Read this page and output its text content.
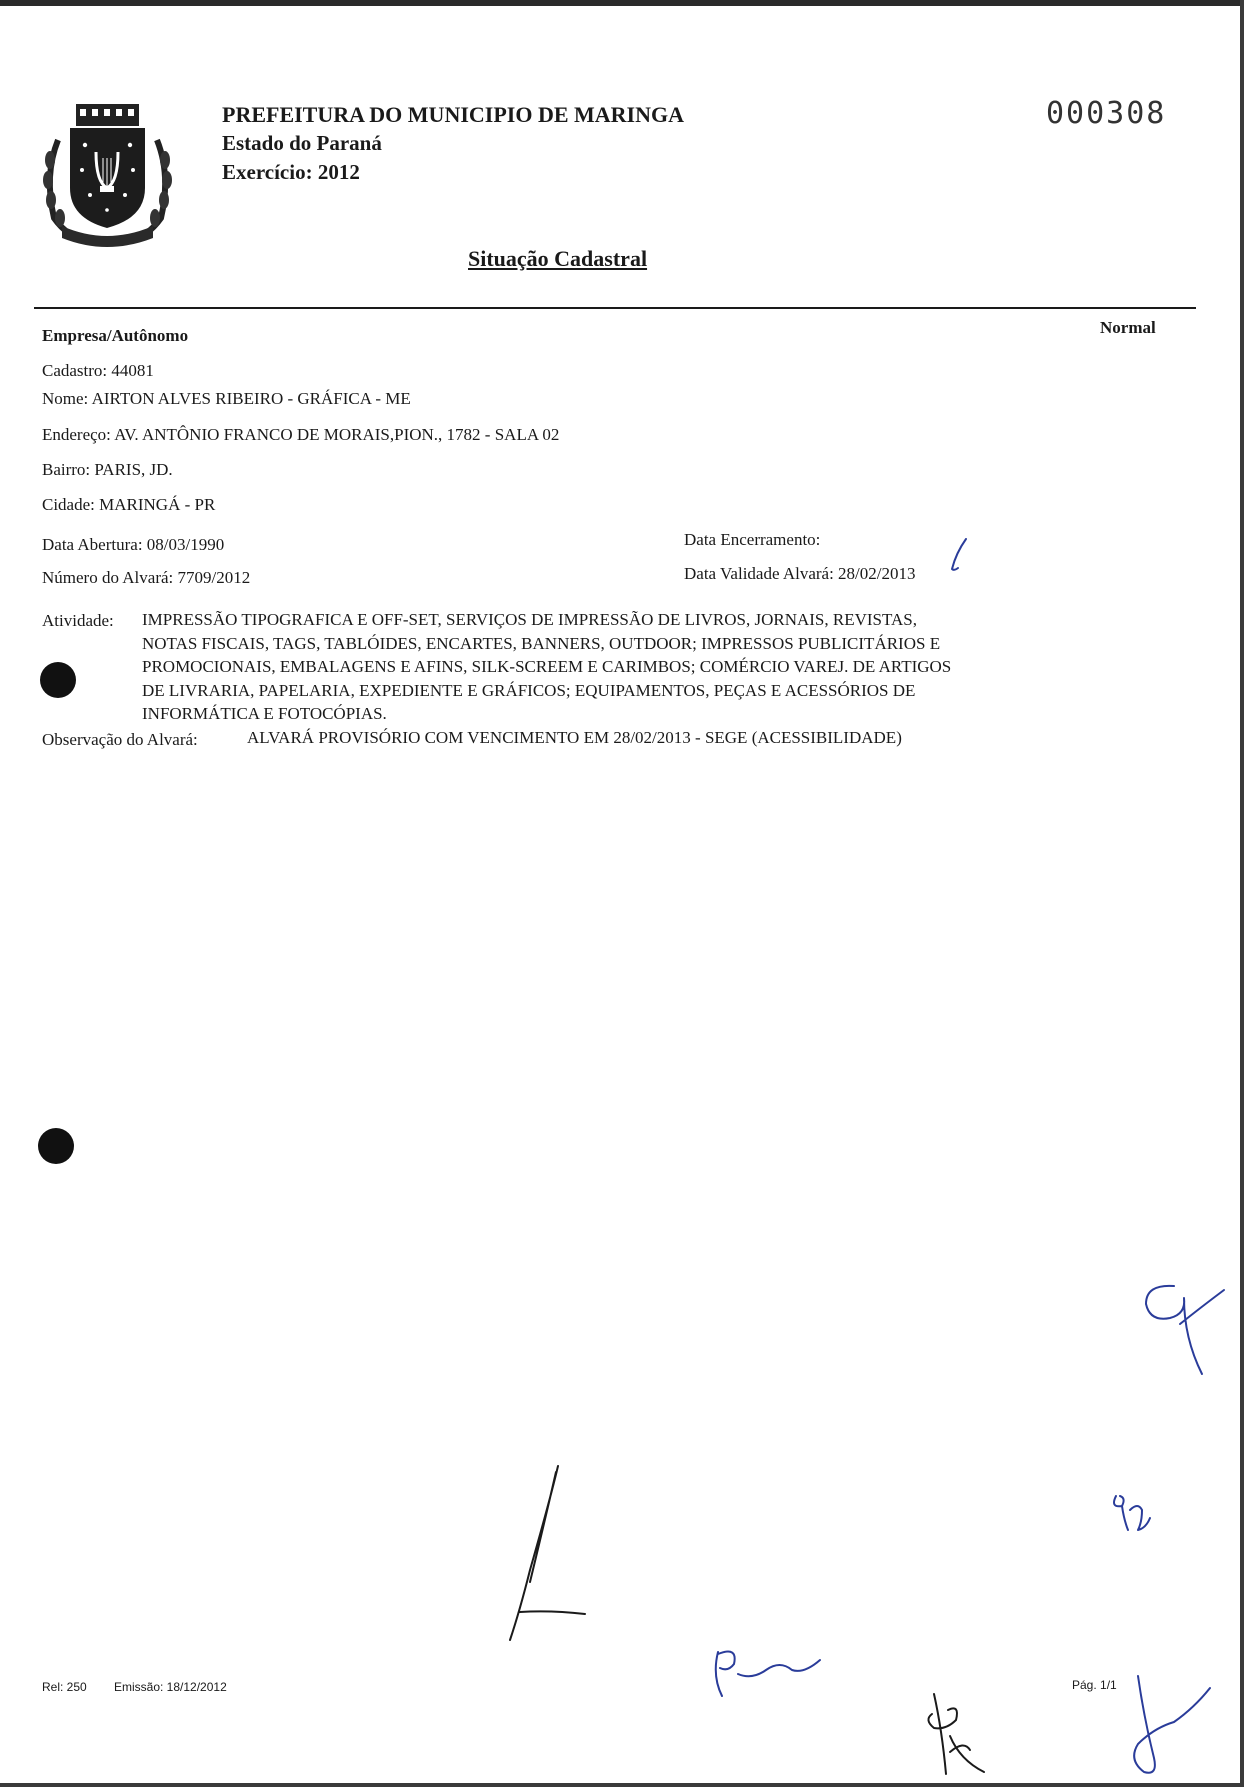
PREFEITURA DO MUNICIPIO DE MARINGA
Estado do Paraná
Exercício: 2012
000308
Situação Cadastral
Empresa/Autônomo	Normal
Cadastro: 44081
Nome: AIRTON ALVES RIBEIRO - GRÁFICA - ME
Endereço: AV. ANTÔNIO FRANCO DE MORAIS,PION., 1782 - SALA 02
Bairro: PARIS, JD.
Cidade: MARINGÁ - PR
Data Abertura: 08/03/1990	Data Encerramento:
Número do Alvará: 7709/2012	Data Validade Alvará: 28/02/2013
Atividade: IMPRESSÃO TIPOGRAFICA E OFF-SET, SERVIÇOS DE IMPRESSÃO DE LIVROS, JORNAIS, REVISTAS,
NOTAS FISCAIS, TAGS, TABLÓIDES, ENCARTES, BANNERS, OUTDOOR; IMPRESSOS PUBLICITÁRIOS E
PROMOCIONAIS, EMBALAGENS E AFINS, SILK-SCREEM E CARIMBOS; COMÉRCIO VAREJ. DE ARTIGOS
DE LIVRARIA, PAPELARIA, EXPEDIENTE E GRÁFICOS; EQUIPAMENTOS, PEÇAS E ACESSÓRIOS DE
INFORMÁTICA E FOTOCÓPIAS.
Observação do Alvará:	ALVARÁ PROVISÓRIO COM VENCIMENTO EM 28/02/2013 - SEGE (ACESSIBILIDADE)
Rel: 250 Emissão: 18/12/2012	Pág. 1/1
